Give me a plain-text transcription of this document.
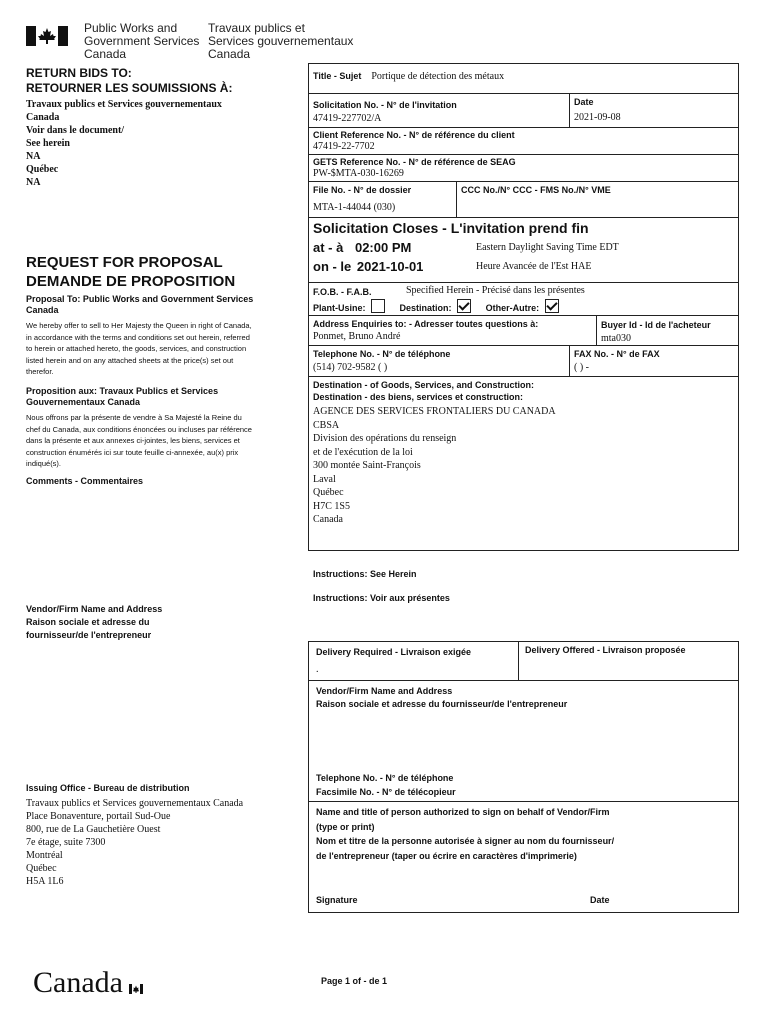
Public Works and
Government Services
Canada
Travaux publics et
Services gouvernementaux
Canada
RETURN BIDS TO:
RETOURNER LES SOUMISSIONS À:
Travaux publics et Services gouvernementaux
Canada
Voir dans le document/
See herein
NA
Québec
NA
REQUEST FOR PROPOSAL
DEMANDE DE PROPOSITION
Proposal To: Public Works and Government Services Canada
We hereby offer to sell to Her Majesty the Queen in right of Canada, in accordance with the terms and conditions set out herein, referred to herein or attached hereto, the goods, services, and construction listed herein and on any attached sheets at the price(s) set out therefor.
Proposition aux: Travaux Publics et Services Gouvernementaux Canada
Nous offrons par la présente de vendre à Sa Majesté la Reine du chef du Canada, aux conditions énoncées ou incluses par référence dans la présente et aux annexes ci-jointes, les biens, services et construction énumérés ici sur toute feuille ci-annexée, au(x) prix indiqué(s).
Comments - Commentaires
Vendor/Firm Name and Address
Raison sociale et adresse du
fournisseur/de l'entrepreneur
Issuing Office - Bureau de distribution
Travaux publics et Services gouvernementaux Canada
Place Bonaventure, portail Sud-Oue
800, rue de La Gauchetière Ouest
7e étage, suite 7300
Montréal
Québec
H5A 1L6
Title - Sujet Portique de détection des métaux
Solicitation No. - N° de l'invitation
47419-227702/A
Date
2021-09-08
Client Reference No. - N° de référence du client
47419-22-7702
GETS Reference No. - N° de référence de SEAG
PW-$MTA-030-16269
File No. - N° de dossier
MTA-1-44044 (030)
CCC No./N° CCC - FMS No./N° VME
Solicitation Closes - L'invitation prend fin
at - à 02:00 PM
on - le 2021-10-01
Eastern Daylight Saving Time EDT
Heure Avancée de l'Est HAE
F.O.B. - F.A.B.	Specified Herein - Précisé dans les présentes
Plant-Usine:	Destination:	Other-Autre:
Address Enquiries to: - Adresser toutes questions à:
Ponmet, Bruno André
Buyer Id - Id de l'acheteur
mta030
Telephone No. - N° de téléphone
(514) 702-9582 ( )
FAX No. - N° de FAX
( ) -
Destination - of Goods, Services, and Construction:
Destination - des biens, services et construction:
AGENCE DES SERVICES FRONTALIERS DU CANADA
CBSA
Division des opérations du renseign
et de l'exécution de la loi
300 montée Saint-François
Laval
Québec
H7C 1S5
Canada
Instructions: See Herein
Instructions: Voir aux présentes
Delivery Required - Livraison exigée
.
Delivery Offered - Livraison proposée
Vendor/Firm Name and Address
Raison sociale et adresse du fournisseur/de l'entrepreneur
Telephone No. - N° de téléphone
Facsimile No. - N° de télécopieur
Name and title of person authorized to sign on behalf of Vendor/Firm
(type or print)
Nom et titre de la personne autorisée à signer au nom du fournisseur/
de l'entrepreneur (taper ou écrire en caractères d'imprimerie)
Signature	Date
Canada	Page 1 of - de 1
